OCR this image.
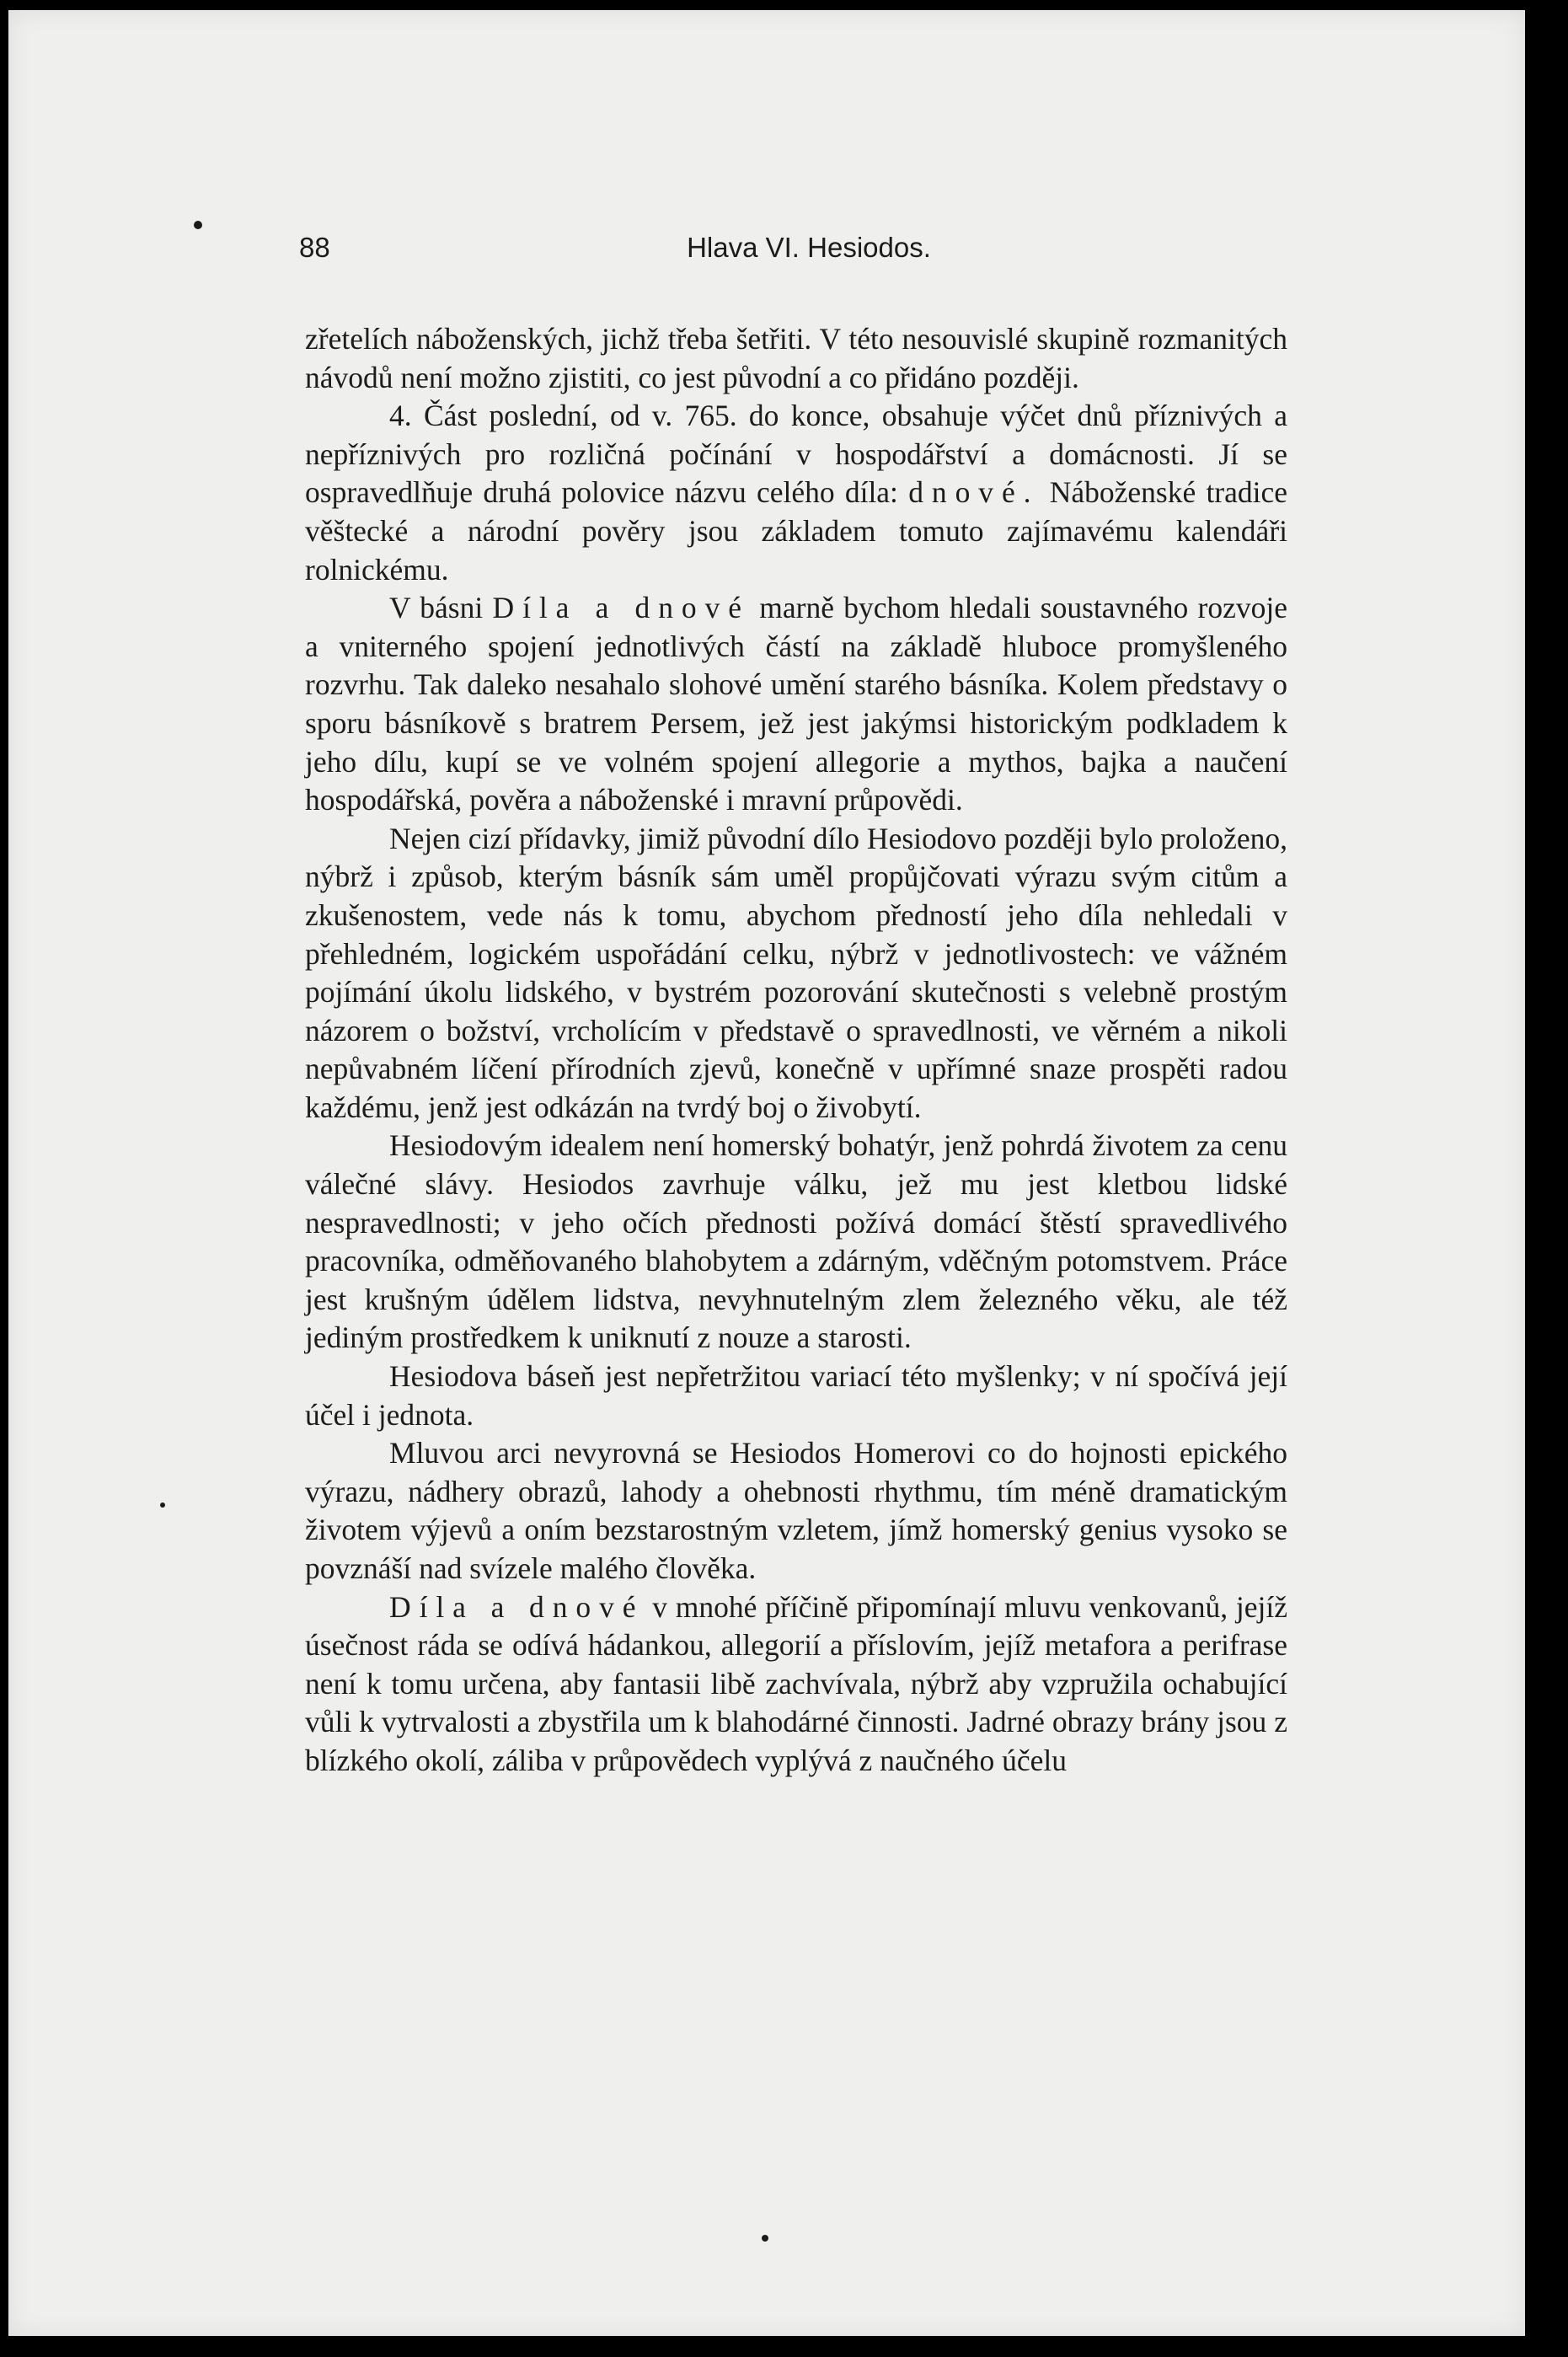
88	Hlava VI. Hesiodos.

zřetelích náboženských, jichž třeba šetřiti. V této nesouvislé skupině rozmanitých návodů není možno zjistiti, co jest původní a co přidáno později.

4. Část poslední, od v. 765. do konce, obsahuje výčet dnů příznivých a nepříznivých pro rozličná počínání v hospodářství a domácnosti. Jí se ospravedlňuje druhá polovice názvu celého díla: dnové. Náboženské tradice věštecké a národní pověry jsou základem tomuto zajímavému kalendáři rolnickému.

V básni Díla a dnové marně bychom hledali soustavného rozvoje a vniterného spojení jednotlivých částí na základě hluboce promyšleného rozvrhu. Tak daleko nesahalo slohové umění starého básníka. Kolem představy o sporu básníkově s bratrem Persem, jež jest jakýmsi historickým podkladem k jeho dílu, kupí se ve volném spojení allegorie a mythos, bajka a naučení hospodářská, pověra a náboženské i mravní průpovědi.

Nejen cizí přídavky, jimiž původní dílo Hesiodovo později bylo proloženo, nýbrž i způsob, kterým básník sám uměl propůjčovati výrazu svým citům a zkušenostem, vede nás k tomu, abychom předností jeho díla nehledali v přehledném, logickém uspořádání celku, nýbrž v jednotlivostech: ve vážném pojímání úkolu lidského, v bystrém pozorování skutečnosti s velebně prostým názorem o božství, vrcholícím v představě o spravedlnosti, ve věrném a nikoli nepůvabném líčení přírodních zjevů, konečně v upřímné snaze prospěti radou každému, jenž jest odkázán na tvrdý boj o živobytí.

Hesiodovým idealem není homerský bohatýr, jenž pohrdá životem za cenu válečné slávy. Hesiodos zavrhuje válku, jež mu jest kletbou lidské nespravedlnosti; v jeho očích přednosti požívá domácí štěstí spravedlivého pracovníka, odměňovaného blahobytem a zdárným, vděčným potomstvem. Práce jest krušným údělem lidstva, nevyhnutelným zlem železného věku, ale též jediným prostředkem k uniknutí z nouze a starosti.

Hesiodova báseň jest nepřetržitou variací této myšlenky; v ní spočívá její účel i jednota.

Mluvou arci nevyrovná se Hesiodos Homerovi co do hojnosti epického výrazu, nádhery obrazů, lahody a ohebnosti rhythmu, tím méně dramatickým životem výjevů a oním bezstarostným vzletem, jímž homerský genius vysoko se povznáší nad svízele malého člověka.

Díla a dnové v mnohé příčině připomínají mluvu venkovanů, jejíž úsečnost ráda se odívá hádankou, allegorií a příslovím, jejíž metafora a perifrase není k tomu určena, aby fantasii libě zachvívala, nýbrž aby vzpružila ochabující vůli k vytrvalosti a zbystřila um k blahodárné činnosti. Jadrné obrazy brány jsou z blízkého okolí, záliba v průpovědech vyplývá z naučného účelu
